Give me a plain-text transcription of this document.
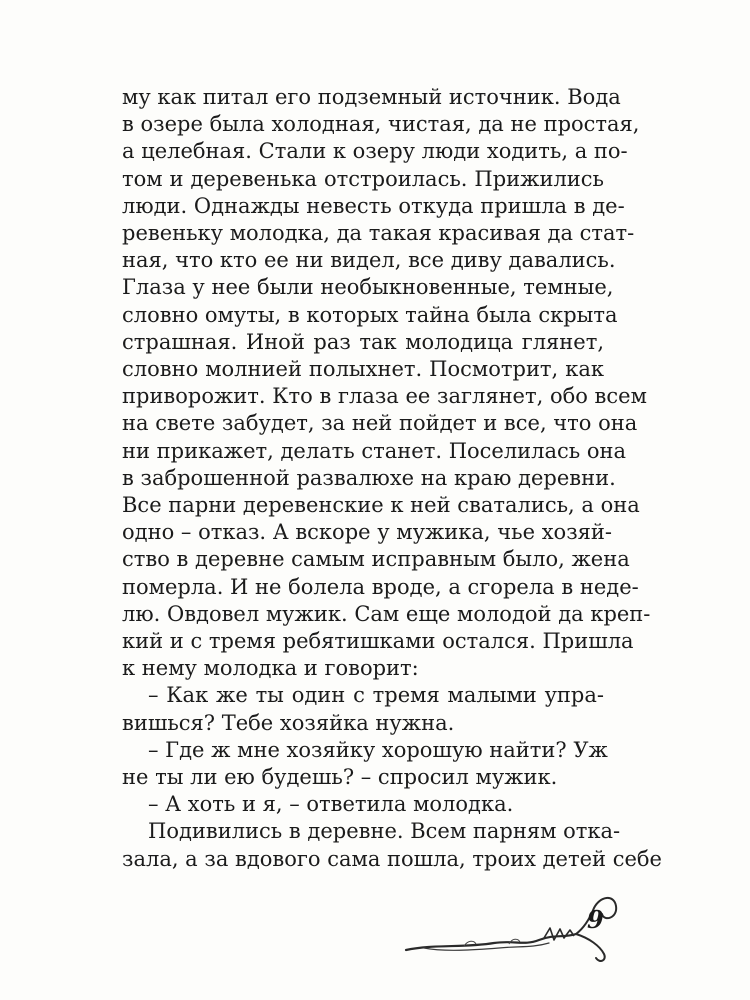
му как питал его подземный источник. Вода
в озере была холодная, чистая, да не простая,
а целебная. Стали к озеру люди ходить, а по-
том и деревенька отстроилась. Прижились
люди. Однажды невесть откуда пришла в де-
ревеньку молодка, да такая красивая да стат-
ная, что кто ее ни видел, все диву давались.
Глаза у нее были необыкновенные, темные,
словно омуты, в которых тайна была скрыта
страшная. Иной раз так молодица глянет,
словно молнией полыхнет. Посмотрит, как
приворожит. Кто в глаза ее заглянет, обо всем
на свете забудет, за ней пойдет и все, что она
ни прикажет, делать станет. Поселилась она
в заброшенной развалюхе на краю деревни.
Все парни деревенские к ней сватались, а она
одно – отказ. А вскоре у мужика, чье хозяй-
ство в деревне самым исправным было, жена
померла. И не болела вроде, а сгорела в неде-
лю. Овдовел мужик. Сам еще молодой да креп-
кий и с тремя ребятишками остался. Пришла
к нему молодка и говорит:
– Как же ты один с тремя малыми упра-
вишься? Тебе хозяйка нужна.
– Где ж мне хозяйку хорошую найти? Уж
не ты ли ею будешь? – спросил мужик.
– А хоть и я, – ответила молодка.
Подивились в деревне. Всем парням отка-
зала, а за вдового сама пошла, троих детей себе
9
